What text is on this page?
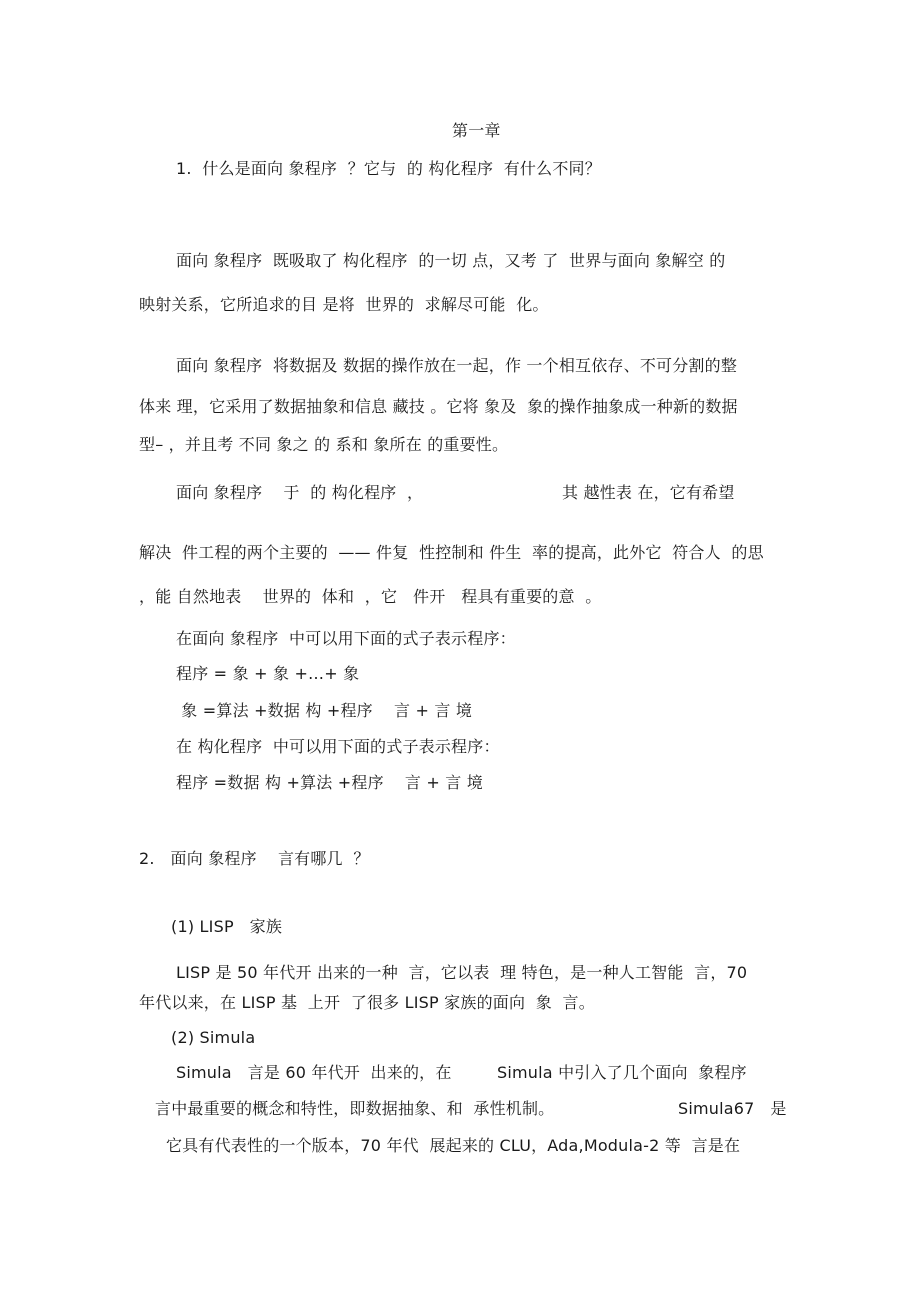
第一章
1.  什么是面向 象程序  ？它与  的 构化程序  有什么不同？
面向 象程序  既吸取了 构化程序  的一切 点，又考 了  世界与面向 象解空 的
映射关系，它所追求的目 是将  世界的  求解尽可能  化。
面向 象程序  将数据及 数据的操作放在一起，作 一个相互依存、不可分割的整
体来 理，它采用了数据抽象和信息 藏技 。它将 象及  象的操作抽象成一种新的数据
型– ，并且考 不同 象之 的 系和 象所在 的重要性。
面向 象程序    于  的 构化程序  ，	其 越性表 在，它有希望
解决  件工程的两个主要的  —— 件复  性控制和 件生  率的提高，此外它  符合人  的思
，能 自然地表    世界的  体和  ，它   件开   程具有重要的意  。
在面向 象程序  中可以用下面的式子表示程序：
程序 = 象 + 象 +…+ 象
象 =算法 +数据 构 +程序    言 + 言 境
在 构化程序  中可以用下面的式子表示程序：
程序 =数据 构 +算法 +程序    言 + 言 境
2.   面向 象程序    言有哪几  ？
(1) LISP   家族
LISP 是 50 年代开 出来的一种  言，它以表  理 特色，是一种人工智能  言，70
年代以来，在 LISP 基  上开  了很多 LISP 家族的面向  象  言。
(2) Simula
Simula   言是 60 年代开  出来的，在	Simula 中引入了几个面向  象程序
言中最重要的概念和特性，即数据抽象、和  承性机制。	Simula67   是
它具有代表性的一个版本，70 年代  展起来的 CLU，Ada,Modula-2 等  言是在
